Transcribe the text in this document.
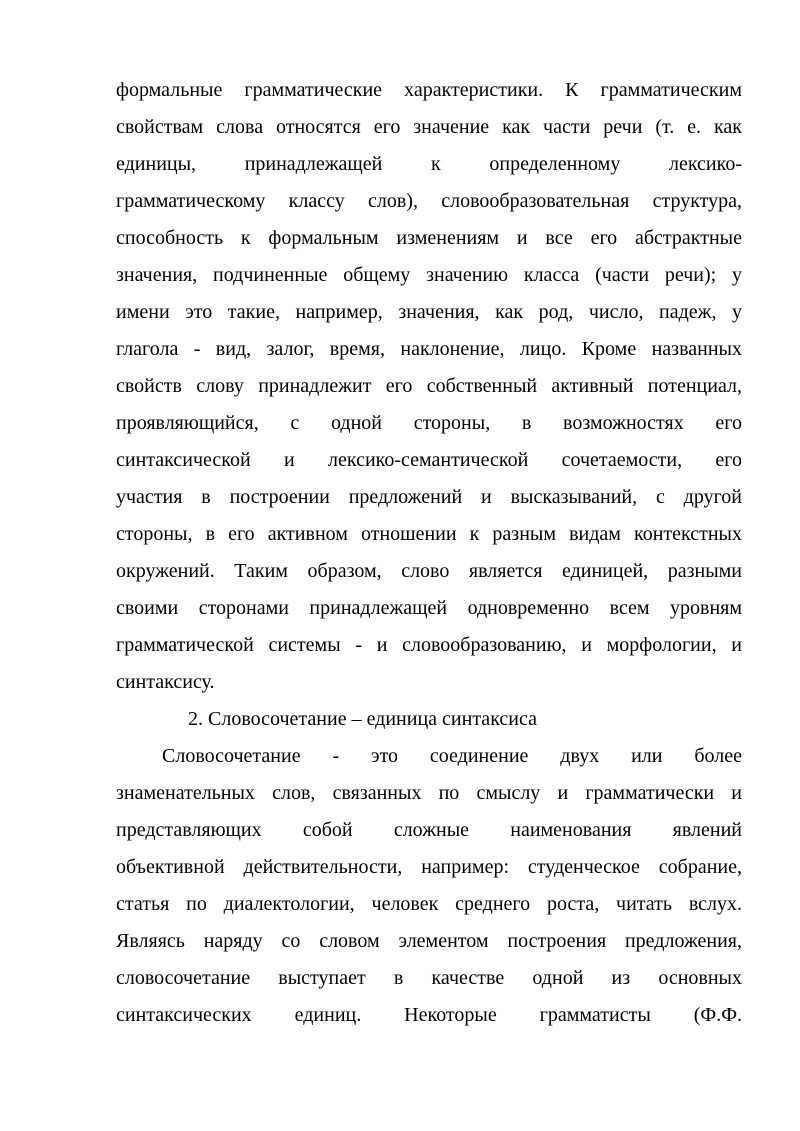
формальные грамматические характеристики. К грамматическим
свойствам слова относятся его значение как части речи (т. е. как
единицы, принадлежащей к определенному лексико-
грамматическому классу слов), словообразовательная структура,
способность к формальным изменениям и все его абстрактные
значения, подчиненные общему значению класса (части речи); у
имени это такие, например, значения, как род, число, падеж, у
глагола - вид, залог, время, наклонение, лицо. Кроме названных
свойств слову принадлежит его собственный активный потенциал,
проявляющийся, с одной стороны, в возможностях его
синтаксической и лексико-семантической сочетаемости, его
участия в построении предложений и высказываний, с другой
стороны, в его активном отношении к разным видам контекстных
окружений. Таким образом, слово является единицей, разными
своими сторонами принадлежащей одновременно всем уровням
грамматической системы - и словообразованию, и морфологии, и
синтаксису.
2. Словосочетание – единица синтаксиса
Словосочетание - это соединение двух или более
знаменательных слов, связанных по смыслу и грамматически и
представляющих собой сложные наименования явлений
объективной действительности, например: студенческое собрание,
статья по диалектологии, человек среднего роста, читать вслух.
Являясь наряду со словом элементом построения предложения,
словосочетание выступает в качестве одной из основных
синтаксических единиц. Некоторые грамматисты (Ф.Ф.
